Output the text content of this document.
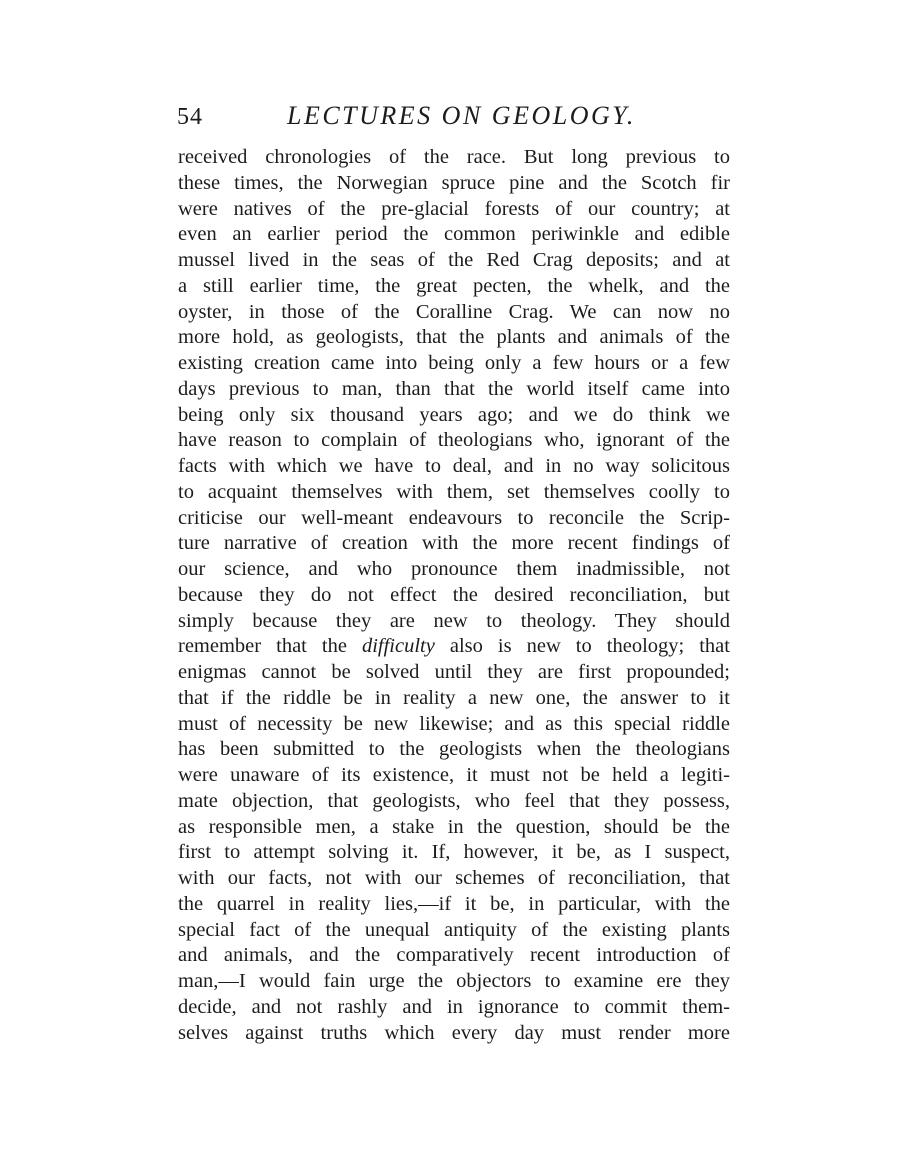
54	LECTURES ON GEOLOGY.
received chronologies of the race. But long previous to
these times, the Norwegian spruce pine and the Scotch fir
were natives of the pre-glacial forests of our country; at
even an earlier period the common periwinkle and edible
mussel lived in the seas of the Red Crag deposits; and at
a still earlier time, the great pecten, the whelk, and the
oyster, in those of the Coralline Crag. We can now no
more hold, as geologists, that the plants and animals of the
existing creation came into being only a few hours or a few
days previous to man, than that the world itself came into
being only six thousand years ago; and we do think we
have reason to complain of theologians who, ignorant of the
facts with which we have to deal, and in no way solicitous
to acquaint themselves with them, set themselves coolly to
criticise our well-meant endeavours to reconcile the Scrip-
ture narrative of creation with the more recent findings of
our science, and who pronounce them inadmissible, not
because they do not effect the desired reconciliation, but
simply because they are new to theology. They should
remember that the difficulty also is new to theology; that
enigmas cannot be solved until they are first propounded;
that if the riddle be in reality a new one, the answer to it
must of necessity be new likewise; and as this special riddle
has been submitted to the geologists when the theologians
were unaware of its existence, it must not be held a legiti-
mate objection, that geologists, who feel that they possess,
as responsible men, a stake in the question, should be the
first to attempt solving it. If, however, it be, as I suspect,
with our facts, not with our schemes of reconciliation, that
the quarrel in reality lies,—if it be, in particular, with the
special fact of the unequal antiquity of the existing plants
and animals, and the comparatively recent introduction of
man,—I would fain urge the objectors to examine ere they
decide, and not rashly and in ignorance to commit them-
selves against truths which every day must render more
